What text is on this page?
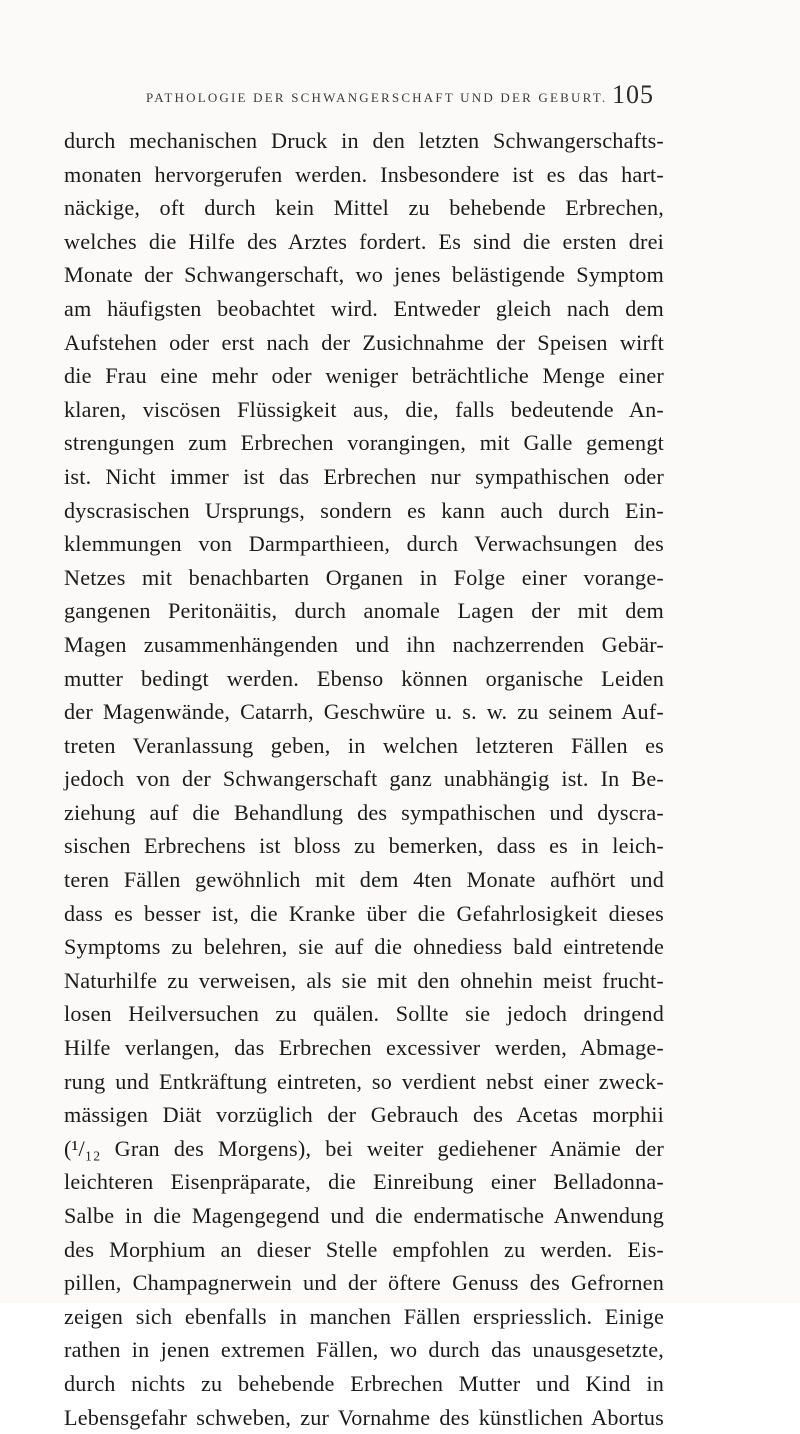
PATHOLOGIE DER SCHWANGERSCHAFT UND DER GEBURT. 105
durch mechanischen Druck in den letzten Schwangerschafts-
monaten hervorgerufen werden. Insbesondere ist es das hart-
näckige, oft durch kein Mittel zu behebende Erbrechen,
welches die Hilfe des Arztes fordert. Es sind die ersten drei
Monate der Schwangerschaft, wo jenes belästigende Symptom
am häufigsten beobachtet wird. Entweder gleich nach dem
Aufstehen oder erst nach der Zusichnahme der Speisen wirft
die Frau eine mehr oder weniger beträchtliche Menge einer
klaren, viscösen Flüssigkeit aus, die, falls bedeutende An-
strengungen zum Erbrechen vorangingen, mit Galle gemengt
ist. Nicht immer ist das Erbrechen nur sympathischen oder
dyscrasischen Ursprungs, sondern es kann auch durch Ein-
klemmungen von Darmparthieen, durch Verwachsungen des
Netzes mit benachbarten Organen in Folge einer vorange-
gangenen Peritonäitis, durch anomale Lagen der mit dem
Magen zusammenhängenden und ihn nachzerrenden Gebär-
mutter bedingt werden. Ebenso können organische Leiden
der Magenwände, Catarrh, Geschwüre u. s. w. zu seinem Auf-
treten Veranlassung geben, in welchen letzteren Fällen es
jedoch von der Schwangerschaft ganz unabhängig ist. In Be-
ziehung auf die Behandlung des sympathischen und dyscra-
sischen Erbrechens ist bloss zu bemerken, dass es in leich-
teren Fällen gewöhnlich mit dem 4ten Monate aufhört und
dass es besser ist, die Kranke über die Gefahrlosigkeit dieses
Symptoms zu belehren, sie auf die ohnediess bald eintretende
Naturhilfe zu verweisen, als sie mit den ohnehin meist frucht-
losen Heilversuchen zu quälen. Sollte sie jedoch dringend
Hilfe verlangen, das Erbrechen excessiver werden, Abmage-
rung und Entkräftung eintreten, so verdient nebst einer zweck-
mässigen Diät vorzüglich der Gebrauch des Acetas morphii
(¹/₁₂ Gran des Morgens), bei weiter gediehener Anämie der
leichteren Eisenpräparate, die Einreibung einer Belladonna-
Salbe in die Magengegend und die endermatische Anwendung
des Morphium an dieser Stelle empfohlen zu werden. Eis-
pillen, Champagnerwein und der öftere Genuss des Gefrornen
zeigen sich ebenfalls in manchen Fällen erspriesslich. Einige
rathen in jenen extremen Fällen, wo durch das unausgesetzte,
durch nichts zu behebende Erbrechen Mutter und Kind in
Lebensgefahr schweben, zur Vornahme des künstlichen Abortus
